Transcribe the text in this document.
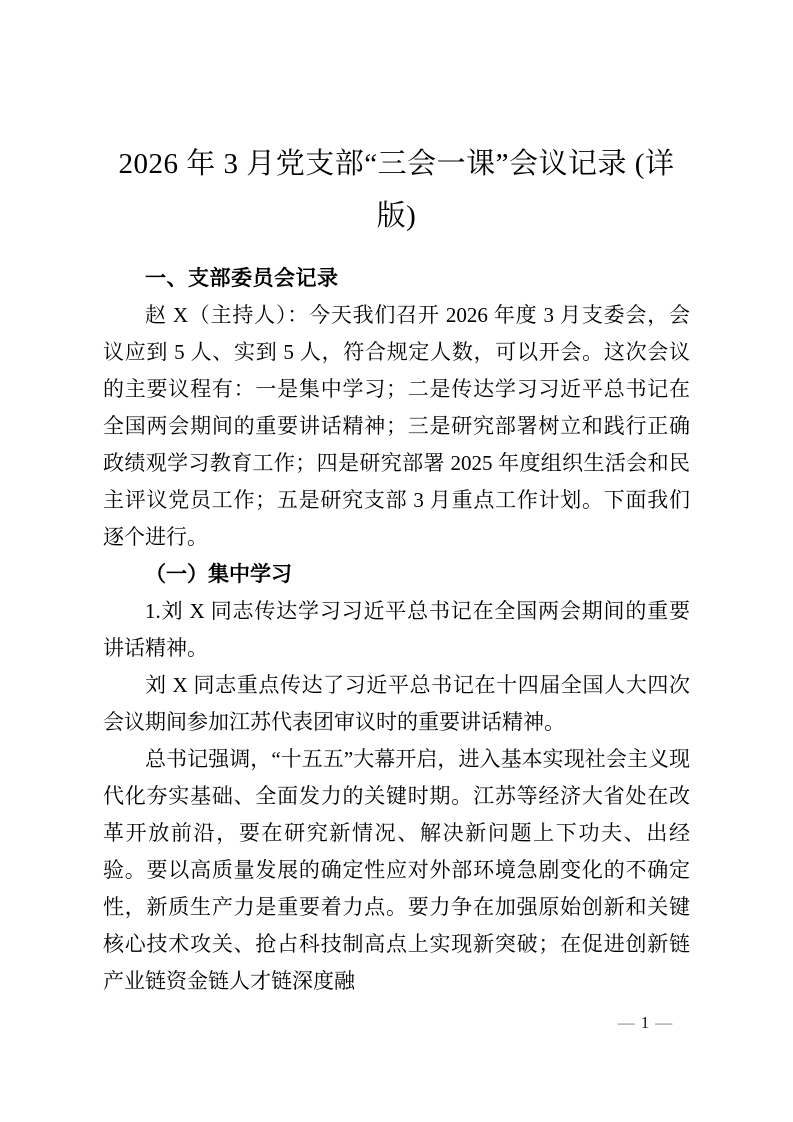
2026 年 3 月党支部“三会一课”会议记录 (详版)

一、支部委员会记录

赵 X（主持人）：今天我们召开 2026 年度 3 月支委会，会议应到 5 人、实到 5 人，符合规定人数，可以开会。这次会议的主要议程有：一是集中学习；二是传达学习习近平总书记在全国两会期间的重要讲话精神；三是研究部署树立和践行正确政绩观学习教育工作；四是研究部署 2025 年度组织生活会和民主评议党员工作；五是研究支部 3 月重点工作计划。下面我们逐个进行。

（一）集中学习

1.刘 X 同志传达学习习近平总书记在全国两会期间的重要讲话精神。

刘 X 同志重点传达了习近平总书记在十四届全国人大四次会议期间参加江苏代表团审议时的重要讲话精神。

总书记强调，“十五五”大幕开启，进入基本实现社会主义现代化夯实基础、全面发力的关键时期。江苏等经济大省处在改革开放前沿，要在研究新情况、解决新问题上下功夫、出经验。要以高质量发展的确定性应对外部环境急剧变化的不确定性，新质生产力是重要着力点。要力争在加强原始创新和关键核心技术攻关、抢占科技制高点上实现新突破；在促进创新链产业链资金链人才链深度融

— 1 —
